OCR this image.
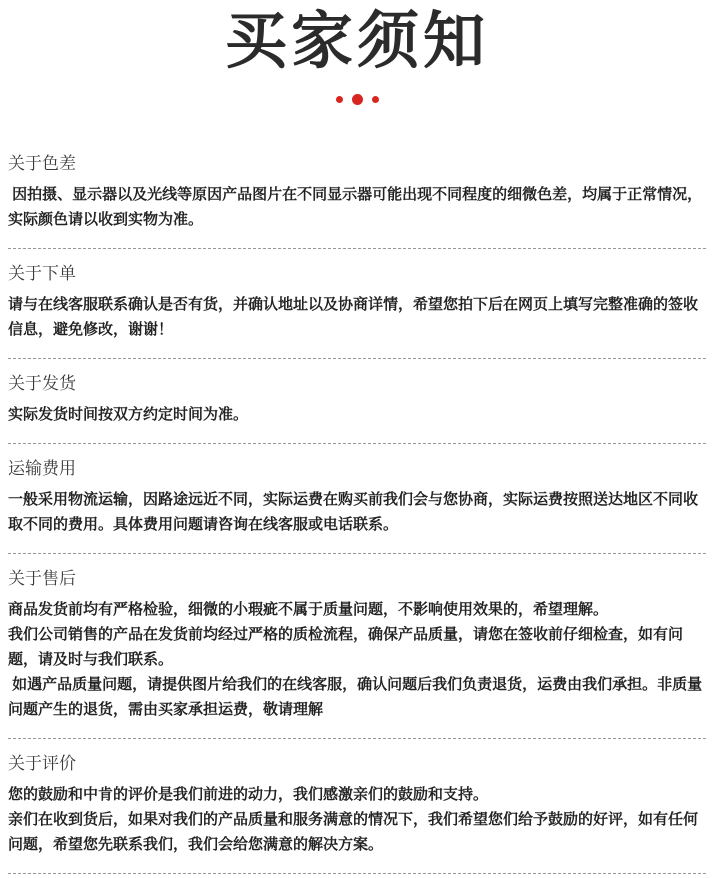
买家须知
关于色差

因拍摄、显示器以及光线等原因产品图片在不同显示器可能出现不同程度的细微色差，均属于正常情况，实际颜色请以收到实物为准。

关于下单

请与在线客服联系确认是否有货，并确认地址以及协商详情，希望您拍下后在网页上填写完整准确的签收信息，避免修改，谢谢！

关于发货

实际发货时间按双方约定时间为准。

运输费用

一般采用物流运输，因路途远近不同，实际运费在购买前我们会与您协商，实际运费按照送达地区不同收取不同的费用。具体费用问题请咨询在线客服或电话联系。

关于售后

商品发货前均有严格检验，细微的小瑕疵不属于质量问题，不影响使用效果的，希望理解。

我们公司销售的产品在发货前均经过严格的质检流程，确保产品质量，请您在签收前仔细检查，如有问题，请及时与我们联系。

如遇产品质量问题，请提供图片给我们的在线客服，确认问题后我们负责退货，运费由我们承担。非质量问题产生的退货，需由买家承担运费，敬请理解

关于评价

您的鼓励和中肯的评价是我们前进的动力，我们感激亲们的鼓励和支持。

亲们在收到货后，如果对我们的产品质量和服务满意的情况下，我们希望您们给予鼓励的好评，如有任何问题，希望您先联系我们，我们会给您满意的解决方案。
